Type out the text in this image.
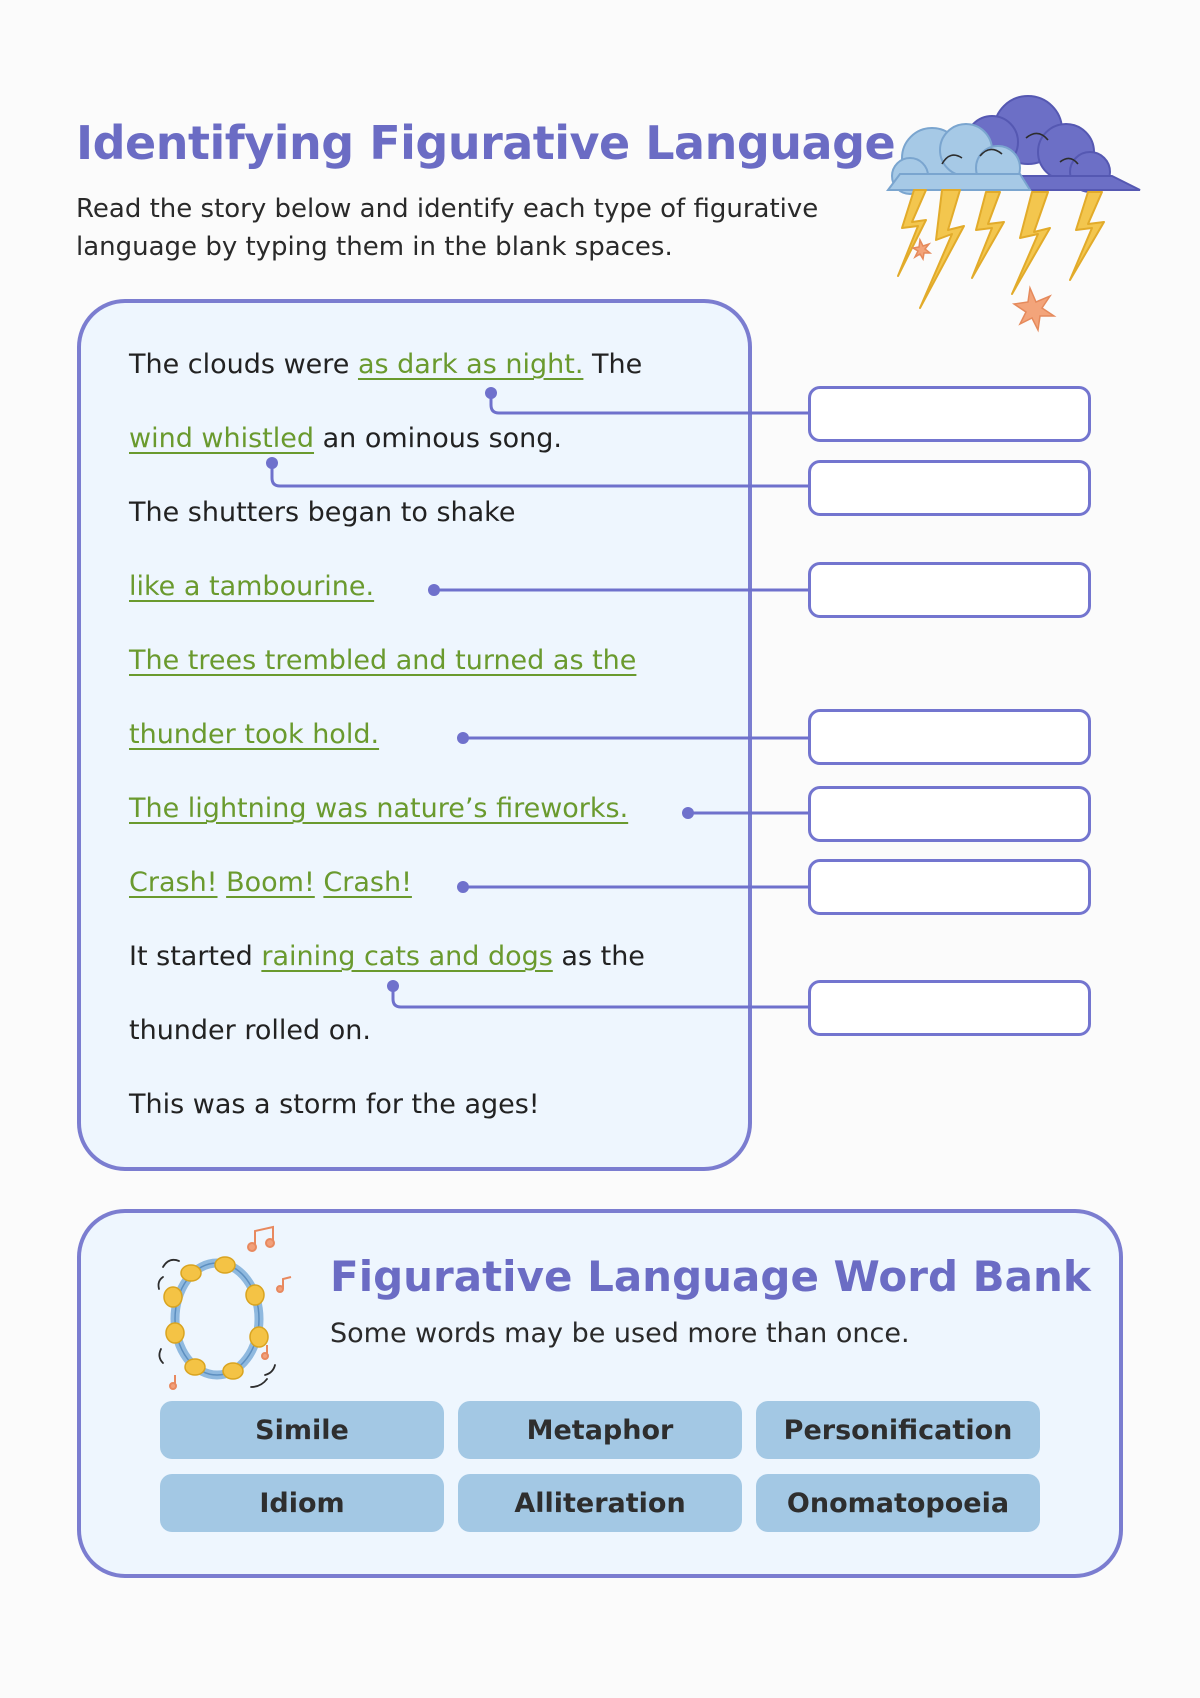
Identifying Figurative Language

Read the story below and identify each type of figurative language by typing them in the blank spaces.

The clouds were as dark as night. The

wind whistled an ominous song.

The shutters began to shake

like a tambourine.

The trees trembled and turned as the

thunder took hold.

The lightning was nature’s fireworks.

Crash! Boom! Crash!

It started raining cats and dogs as the

thunder rolled on.

This was a storm for the ages!

Figurative Language Word Bank

Some words may be used more than once.

Simile	Metaphor	Personification
Idiom	Alliteration	Onomatopoeia
